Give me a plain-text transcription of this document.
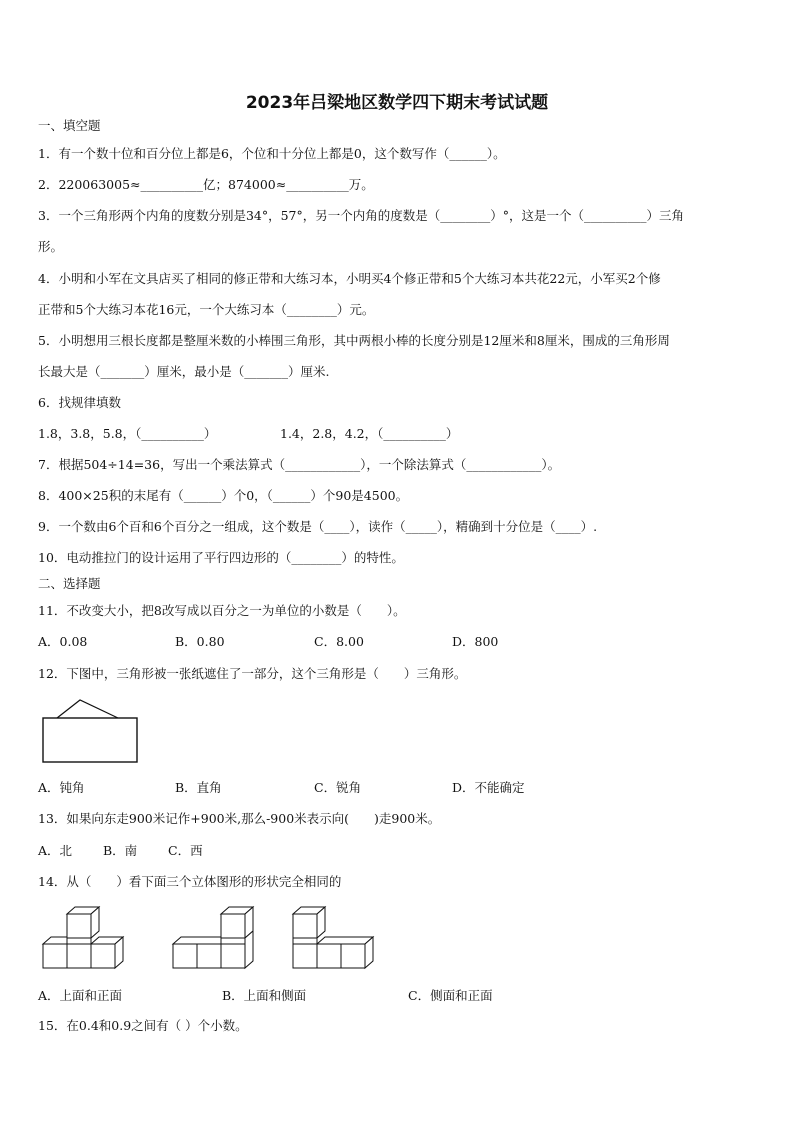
2023年吕梁地区数学四下期末考试试题
一、填空题
1．有一个数十位和百分位上都是6，个位和十分位上都是0，这个数写作（______）。
2．220063005≈__________亿；874000≈__________万。
3．一个三角形两个内角的度数分别是34°，57°，另一个内角的度数是（________）°，这是一个（__________）三角
形。
4．小明和小军在文具店买了相同的修正带和大练习本，小明买4个修正带和5个大练习本共花22元，小军买2个修
正带和5个大练习本花16元，一个大练习本（________）元。
5．小明想用三根长度都是整厘米数的小棒围三角形，其中两根小棒的长度分别是12厘米和8厘米，围成的三角形周
长最大是（_______）厘米，最小是（_______）厘米.
6．找规律填数
1.8，3.8，5.8，（__________）	1.4，2.8，4.2，（__________）
7．根据504÷14=36，写出一个乘法算式（____________），一个除法算式（____________）。
8．400×25积的末尾有（______）个0，（______）个90是4500。
9．一个数由6个百和6个百分之一组成，这个数是（____），读作（_____），精确到十分位是（____）.
10．电动推拉门的设计运用了平行四边形的（________）的特性。
二、选择题
11．不改变大小，把8改写成以百分之一为单位的小数是（　　）。
A．0.08	B．0.80	C．8.00	D．800
12．下图中，三角形被一张纸遮住了一部分，这个三角形是（　　）三角形。
A．钝角	B．直角	C．锐角	D．不能确定
13．如果向东走900米记作+900米,那么-900米表示向(　　)走900米。
A．北 B．南 C．西
14．从（　　）看下面三个立体图形的形状完全相同的
A．上面和正面	B．上面和侧面	C．侧面和正面
15．在0.4和0.9之间有（ ）个小数。
